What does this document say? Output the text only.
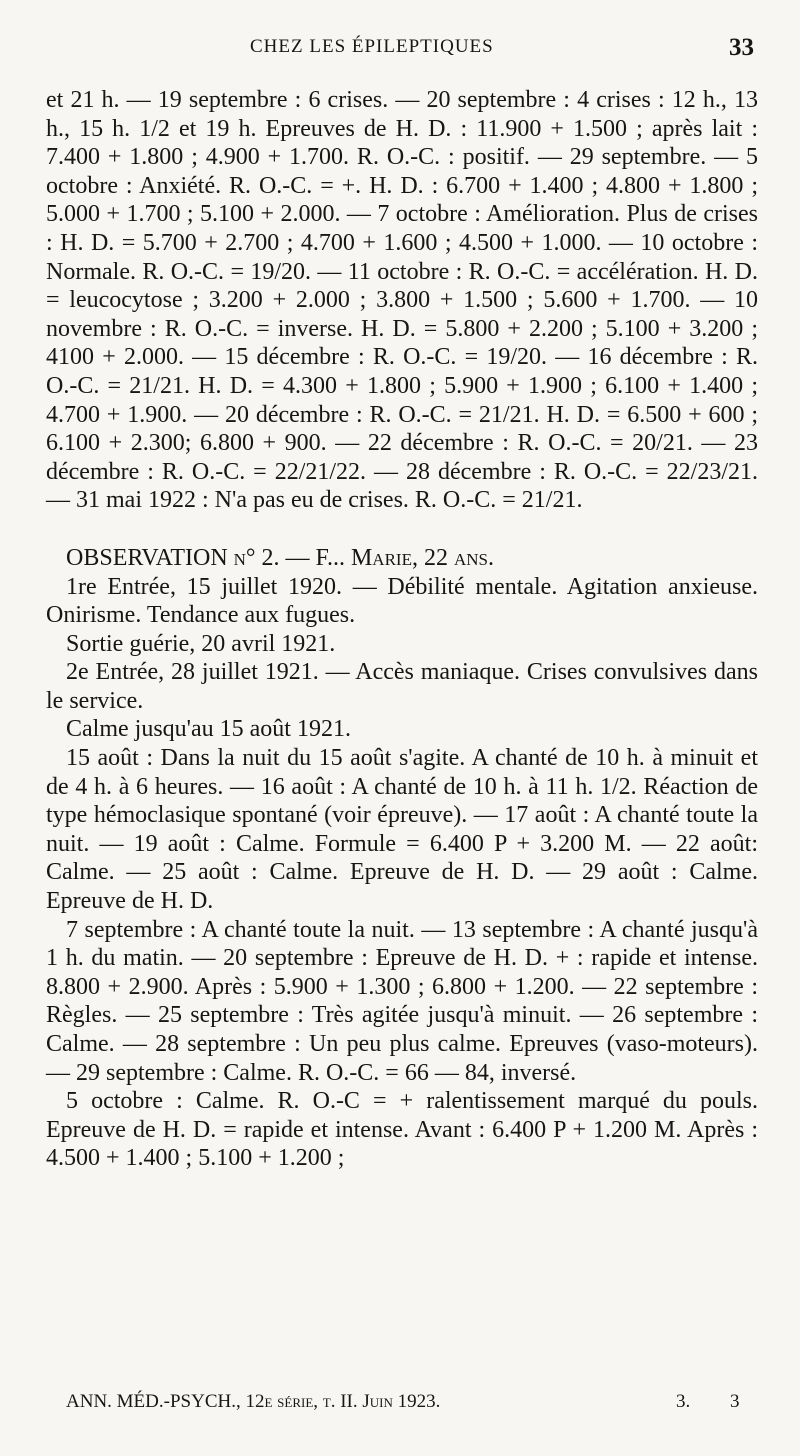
CHEZ LES ÉPILEPTIQUES	33

et 21 h. — 19 septembre : 6 crises. — 20 septembre : 4 crises : 12 h., 13 h., 15 h. 1/2 et 19 h. Epreuves de H. D. : 11.900 + 1.500 ; après lait : 7.400 + 1.800 ; 4.900 + 1.700. R. O.-C. : positif. — 29 septembre. — 5 octobre : Anxiété. R. O.-C. = +. H. D. : 6.700 + 1.400 ; 4.800 + 1.800 ; 5.000 + 1.700 ; 5.100 + 2.000. — 7 octobre : Amélioration. Plus de crises : H. D. = 5.700 + 2.700 ; 4.700 + 1.600 ; 4.500 + 1.000. — 10 octobre : Normale. R. O.-C. = 19/20. — 11 octobre : R. O.-C. = accélération. H. D. = leucocytose ; 3.200 + 2.000 ; 3.800 + 1.500 ; 5.600 + 1.700. — 10 novembre : R. O.-C. = inverse. H. D. = 5.800 + 2.200 ; 5.100 + 3.200 ; 4100 + 2.000. — 15 décembre : R. O.-C. = 19/20. — 16 décembre : R. O.-C. = 21/21. H. D. = 4.300 + 1.800 ; 5.900 + 1.900 ; 6.100 + 1.400 ; 4.700 + 1.900. — 20 décembre : R. O.-C. = 21/21. H. D. = 6.500 + 600 ; 6.100 + 2.300; 6.800 + 900. — 22 décembre : R. O.-C. = 20/21. — 23 décembre : R. O.-C. = 22/21/22. — 28 décembre : R. O.-C. = 22/23/21. — 31 mai 1922 : N'a pas eu de crises. R. O.-C. = 21/21.

OBSERVATION n° 2. — F... Marie, 22 ans.

1re Entrée, 15 juillet 1920. — Débilité mentale. Agitation anxieuse. Onirisme. Tendance aux fugues.

Sortie guérie, 20 avril 1921.

2e Entrée, 28 juillet 1921. — Accès maniaque. Crises convulsives dans le service.

Calme jusqu'au 15 août 1921.

15 août : Dans la nuit du 15 août s'agite. A chanté de 10 h. à minuit et de 4 h. à 6 heures. — 16 août : A chanté de 10 h. à 11 h. 1/2. Réaction de type hémoclasique spontané (voir épreuve). — 17 août : A chanté toute la nuit. — 19 août : Calme. Formule = 6.400 P + 3.200 M. — 22 août: Calme. — 25 août : Calme. Epreuve de H. D. — 29 août : Calme. Epreuve de H. D.

7 septembre : A chanté toute la nuit. — 13 septembre : A chanté jusqu'à 1 h. du matin. — 20 septembre : Epreuve de H. D. + : rapide et intense. 8.800 + 2.900. Après : 5.900 + 1.300 ; 6.800 + 1.200. — 22 septembre : Règles. — 25 septembre : Très agitée jusqu'à minuit. — 26 septembre : Calme. — 28 septembre : Un peu plus calme. Epreuves (vaso-moteurs). — 29 septembre : Calme. R. O.-C. = 66 — 84, inversé.

5 octobre : Calme. R. O.-C = + ralentissement marqué du pouls. Epreuve de H. D. = rapide et intense. Avant : 6.400 P + 1.200 M. Après : 4.500 + 1.400 ; 5.100 + 1.200 ;

ANN. MÉD.-PSYCH., 12e série, t. II. Juin 1923.	3. 3
